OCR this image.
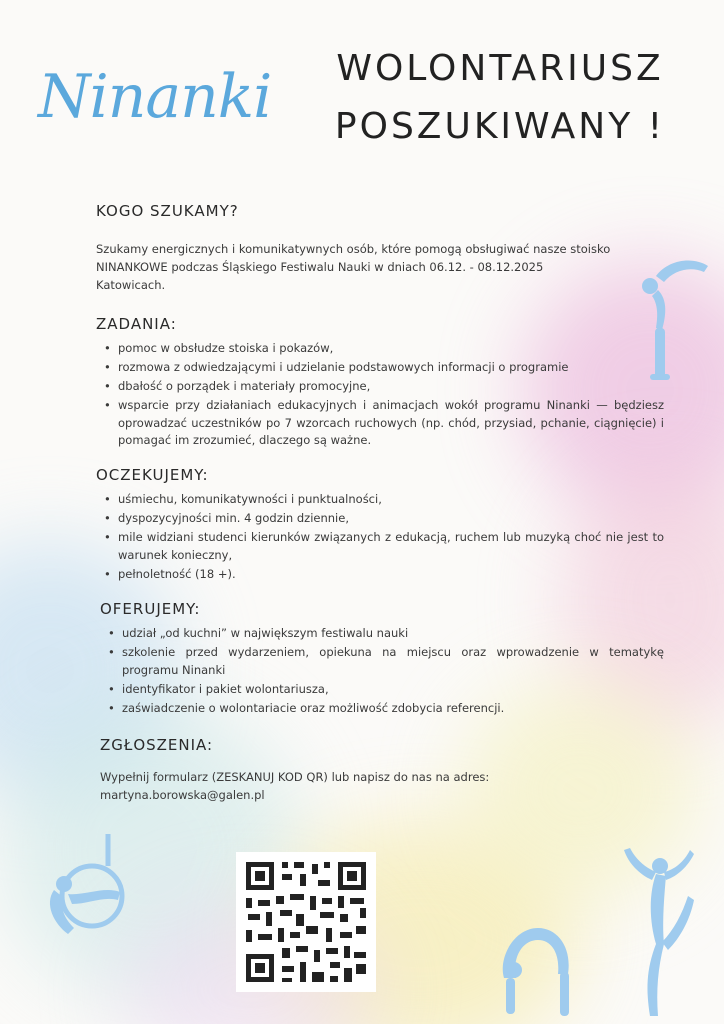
Ninanki	WOLONTARIUSZ
POSZUKIWANY !
KOGO SZUKAMY?

Szukamy energicznych i komunikatywnych osób, które pomogą obsługiwać nasze stoisko NINANKOWE podczas Śląskiego Festiwalu Nauki w dniach 06.12. - 08.12.2025 Katowicach.

ZADANIA:
• pomoc w obsłudze stoiska i pokazów,
• rozmowa z odwiedzającymi i udzielanie podstawowych informacji o programie
• dbałość o porządek i materiały promocyjne,
• wsparcie przy działaniach edukacyjnych i animacjach wokół programu Ninanki — będziesz oprowadzać uczestników po 7 wzorcach ruchowych (np. chód, przysiad, pchanie, ciągnięcie) i pomagać im zrozumieć, dlaczego są ważne.
OCZEKUJEMY:
• uśmiechu, komunikatywności i punktualności,
• dyspozycyjności min. 4 godzin dziennie,
• mile widziani studenci kierunków związanych z edukacją, ruchem lub muzyką choć nie jest to warunek konieczny,
• pełnoletność (18 +).
OFERUJEMY:
• udział „od kuchni” w największym festiwalu nauki
• szkolenie przed wydarzeniem, opiekuna na miejscu oraz wprowadzenie w tematykę programu Ninanki
• identyfikator i pakiet wolontariusza,
• zaświadczenie o wolontariacie oraz możliwość zdobycia referencji.
ZGŁOSZENIA:

Wypełnij formularz (ZESKANUJ KOD QR) lub napisz do nas na adres:
martyna.borowska@galen.pl
